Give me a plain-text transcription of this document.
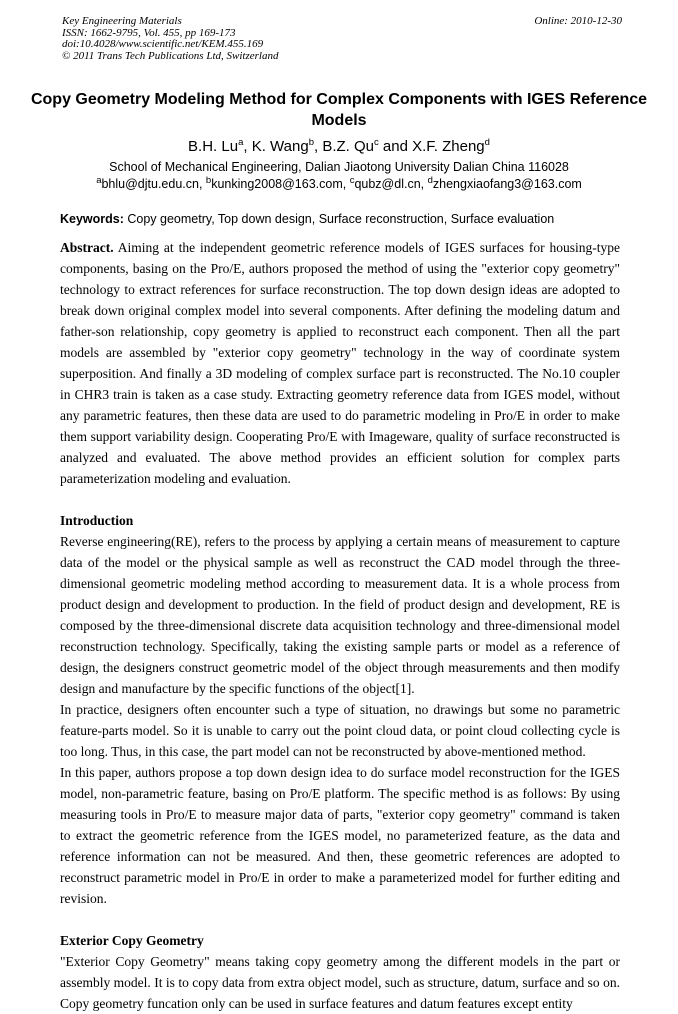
Key Engineering Materials
ISSN: 1662-9795, Vol. 455, pp 169-173
doi:10.4028/www.scientific.net/KEM.455.169
© 2011 Trans Tech Publications Ltd, Switzerland
Online: 2010-12-30
Copy Geometry Modeling Method for Complex Components with IGES Reference Models
B.H. Lu$^a$, K. Wang$^b$, B.Z. Qu$^c$ and X.F. Zheng$^d$
School of Mechanical Engineering, Dalian Jiaotong University Dalian China 116028
$^a$bhlu@djtu.edu.cn, $^b$kunking2008@163.com, $^c$qubz@dl.cn, $^d$zhengxiaofang3@163.com
Keywords: Copy geometry, Top down design, Surface reconstruction, Surface evaluation
Abstract. Aiming at the independent geometric reference models of IGES surfaces for housing-type components, basing on the Pro/E, authors proposed the method of using the "exterior copy geometry" technology to extract references for surface reconstruction. The top down design ideas are adopted to break down original complex model into several components. After defining the modeling datum and father-son relationship, copy geometry is applied to reconstruct each component. Then all the part models are assembled by "exterior copy geometry" technology in the way of coordinate system superposition. And finally a 3D modeling of complex surface part is reconstructed. The No.10 coupler in CHR3 train is taken as a case study. Extracting geometry reference data from IGES model, without any parametric features, then these data are used to do parametric modeling in Pro/E in order to make them support variability design. Cooperating Pro/E with Imageware, quality of surface reconstructed is analyzed and evaluated. The above method provides an efficient solution for complex parts parameterization modeling and evaluation.
Introduction

Reverse engineering(RE), refers to the process by applying a certain means of measurement to capture data of the model or the physical sample as well as reconstruct the CAD model through the three-dimensional geometric modeling method according to measurement data. It is a whole process from product design and development to production. In the field of product design and development, RE is composed by the three-dimensional discrete data acquisition technology and three-dimensional model reconstruction technology. Specifically, taking the existing sample parts or model as a reference of design, the designers construct geometric model of the object through measurements and then modify design and manufacture by the specific functions of the object[1].

In practice, designers often encounter such a type of situation, no drawings but some no parametric feature-parts model. So it is unable to carry out the point cloud data, or point cloud collecting cycle is too long. Thus, in this case, the part model can not be reconstructed by above-mentioned method.

In this paper, authors propose a top down design idea to do surface model reconstruction for the IGES model, non-parametric feature, basing on Pro/E platform. The specific method is as follows: By using measuring tools in Pro/E to measure major data of parts, "exterior copy geometry" command is taken to extract the geometric reference from the IGES model, no parameterized feature, as the data and reference information can not be measured. And then, these geometric references are adopted to reconstruct parametric model in Pro/E in order to make a parameterized model for further editing and revision.

Exterior Copy Geometry

"Exterior Copy Geometry" means taking copy geometry among the different models in the part or assembly model. It is to copy data from extra object model, such as structure, datum, surface and so on. Copy geometry funcation only can be used in surface features and datum features except entity
